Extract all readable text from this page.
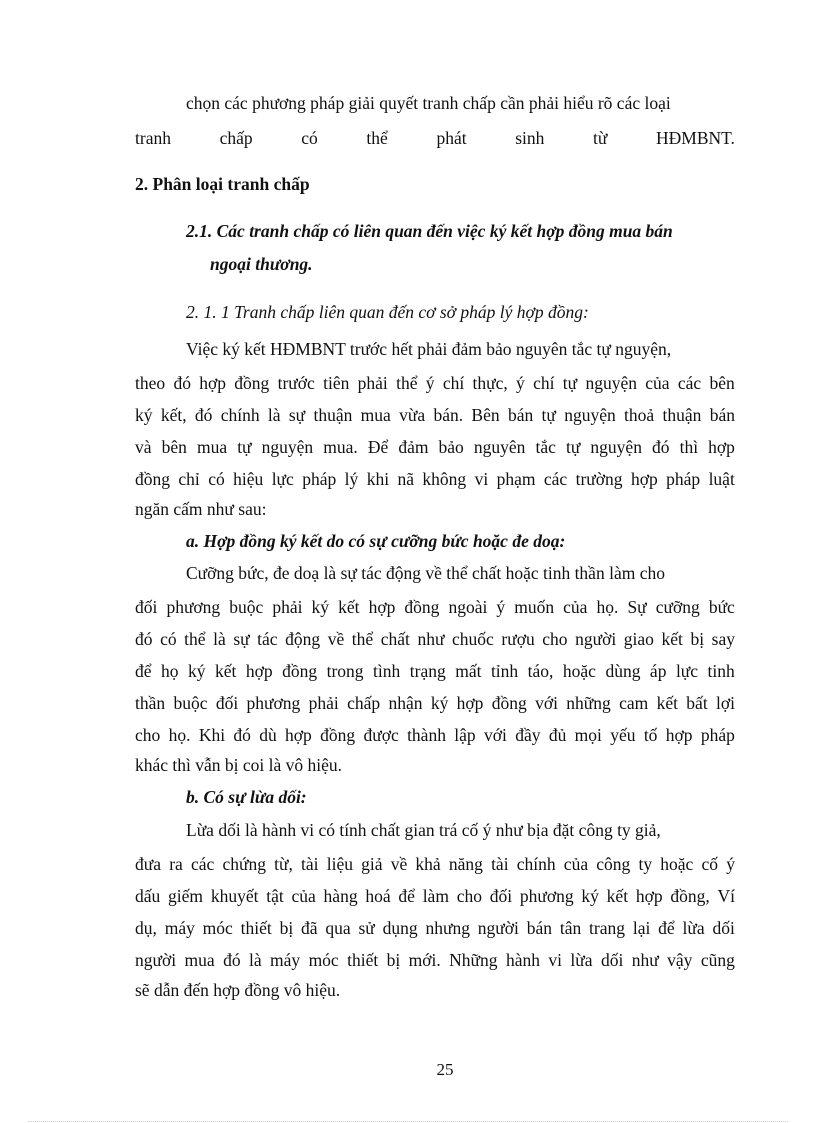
chọn các phương pháp giải quyết tranh chấp cần phải hiểu rõ các loại
tranh	chấp	có	thể	phát	sinh	từ	HĐMBNT.
2. Phân loại tranh chấp
2.1. Các tranh chấp có liên quan đến việc ký kết hợp đồng mua bán
ngoại thương.
2. 1. 1 Tranh chấp liên quan đến cơ sở pháp lý hợp đồng:
Việc ký kết HĐMBNT trước hết phải đảm bảo nguyên tắc tự nguyện,
theo đó hợp đồng trước tiên phải thể ý chí thực, ý chí tự nguyện của các bên
ký kết, đó chính là sự thuận mua vừa bán. Bên bán tự nguyện thoả thuận bán
và bên mua tự nguyện mua. Để đảm bảo nguyên tắc tự nguyện đó thì hợp
đồng chỉ có hiệu lực pháp lý khi nã không vi phạm các trường hợp pháp luật
ngăn cấm như sau:
a. Hợp đồng ký kết do có sự cưỡng bức hoặc đe doạ:
Cưỡng bức, đe doạ là sự tác động về thể chất hoặc tinh thần làm cho
đối phương buộc phải ký kết hợp đồng ngoài ý muốn của họ. Sự cưỡng bức
đó có thể là sự tác động về thể chất như chuốc rượu cho người giao kết bị say
để họ ký kết hợp đồng trong tình trạng mất tỉnh táo, hoặc dùng áp lực tinh
thần buộc đối phương phải chấp nhận ký hợp đồng với những cam kết bất lợi
cho họ. Khi đó dù hợp đồng được thành lập với đầy đủ mọi yếu tố hợp pháp
khác thì vẫn bị coi là vô hiệu.
b. Có sự lừa dối:
Lừa dối là hành vi có tính chất gian trá cố ý như bịa đặt công ty giả,
đưa ra các chứng từ, tài liệu giả về khả năng tài chính của công ty hoặc cố ý
dấu giếm khuyết tật của hàng hoá để làm cho đối phương ký kết hợp đồng, Ví
dụ, máy móc thiết bị đã qua sử dụng nhưng người bán tân trang lại để lừa dối
người mua đó là máy móc thiết bị mới. Những hành vi lừa dối như vậy cũng
sẽ dẫn đến hợp đồng vô hiệu.
25
